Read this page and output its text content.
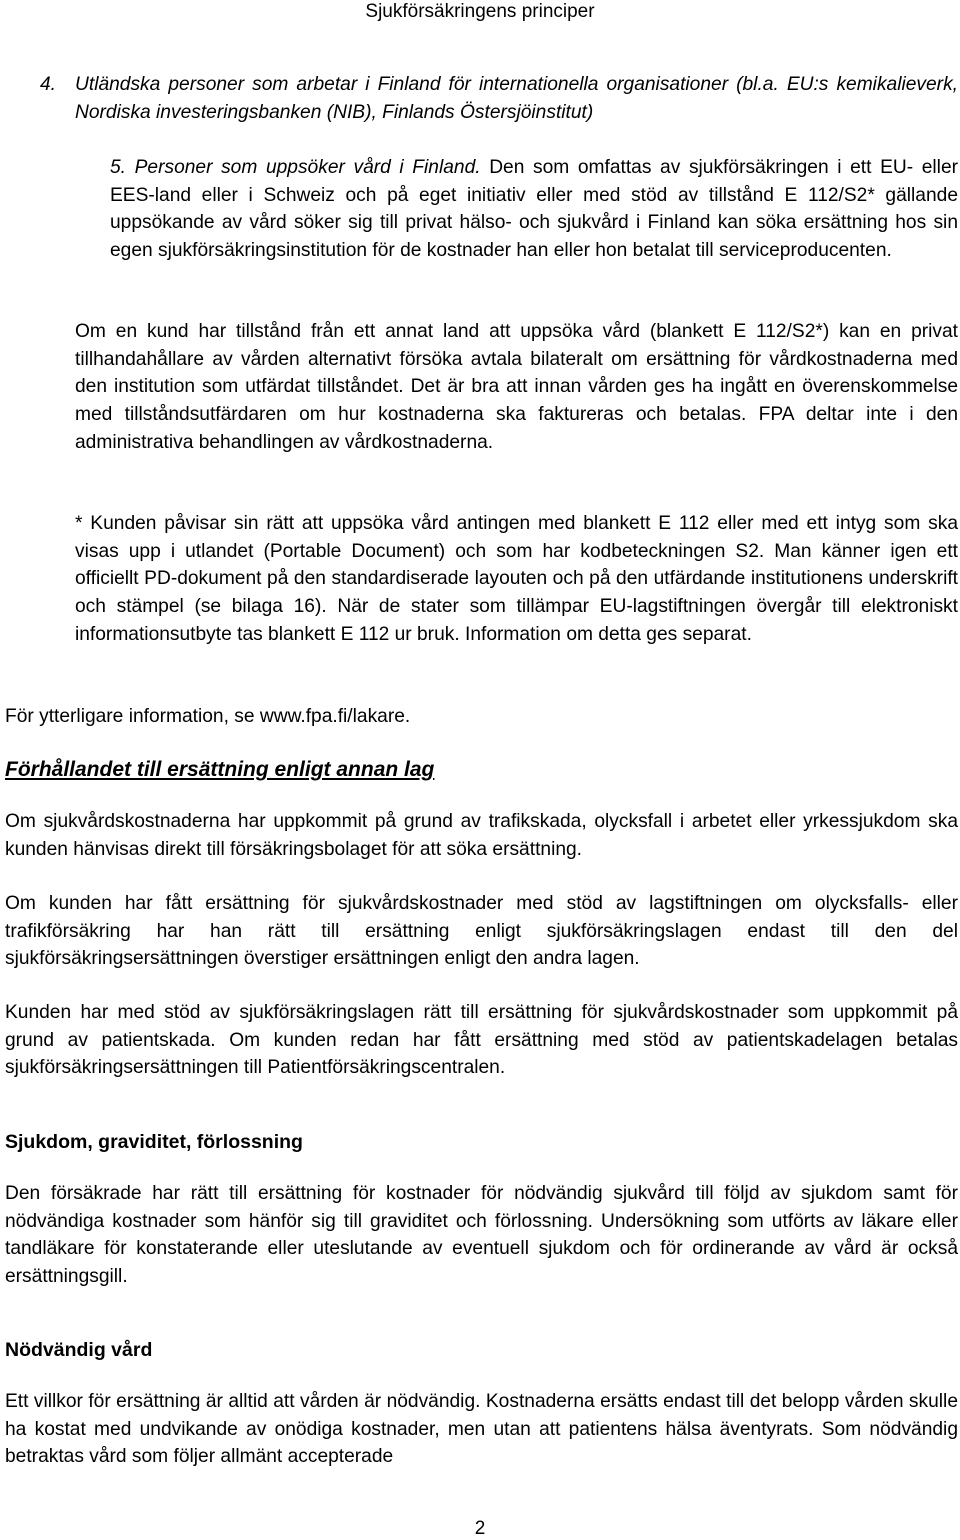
Sjukförsäkringens principer
4. Utländska personer som arbetar i Finland för internationella organisationer (bl.a. EU:s kemikalieverk, Nordiska investeringsbanken (NIB), Finlands Östersjöinstitut)
5. Personer som uppsöker vård i Finland. Den som omfattas av sjukförsäkringen i ett EU- eller EES-land eller i Schweiz och på eget initiativ eller med stöd av tillstånd E 112/S2* gällande uppsökande av vård söker sig till privat hälso- och sjukvård i Finland kan söka ersättning hos sin egen sjukförsäkringsinstitution för de kostnader han eller hon betalat till serviceproducenten.

Om en kund har tillstånd från ett annat land att uppsöka vård (blankett E 112/S2*) kan en privat tillhandahållare av vården alternativt försöka avtala bilateralt om ersättning för vårdkostnaderna med den institution som utfärdat tillståndet. Det är bra att innan vården ges ha ingått en överenskommelse med tillståndsutfärdaren om hur kostnaderna ska faktureras och betalas. FPA deltar inte i den administrativa behandlingen av vårdkostnaderna.

* Kunden påvisar sin rätt att uppsöka vård antingen med blankett E 112 eller med ett intyg som ska visas upp i utlandet (Portable Document) och som har kodbeteckningen S2. Man känner igen ett officiellt PD-dokument på den standardiserade layouten och på den utfärdande institutionens underskrift och stämpel (se bilaga 16). När de stater som tillämpar EU-lagstiftningen övergår till elektroniskt informationsutbyte tas blankett E 112 ur bruk. Information om detta ges separat.

För ytterligare information, se www.fpa.fi/lakare.

Förhållandet till ersättning enligt annan lag

Om sjukvårdskostnaderna har uppkommit på grund av trafikskada, olycksfall i arbetet eller yrkessjukdom ska kunden hänvisas direkt till försäkringsbolaget för att söka ersättning.

Om kunden har fått ersättning för sjukvårdskostnader med stöd av lagstiftningen om olycksfalls- eller trafikförsäkring har han rätt till ersättning enligt sjukförsäkringslagen endast till den del sjukförsäkringsersättningen överstiger ersättningen enligt den andra lagen.

Kunden har med stöd av sjukförsäkringslagen rätt till ersättning för sjukvårdskostnader som uppkommit på grund av patientskada. Om kunden redan har fått ersättning med stöd av patientskadelagen betalas sjukförsäkringsersättningen till Patientförsäkringscentralen.

Sjukdom, graviditet, förlossning

Den försäkrade har rätt till ersättning för kostnader för nödvändig sjukvård till följd av sjukdom samt för nödvändiga kostnader som hänför sig till graviditet och förlossning. Undersökning som utförts av läkare eller tandläkare för konstaterande eller uteslutande av eventuell sjukdom och för ordinerande av vård är också ersättningsgill.

Nödvändig vård

Ett villkor för ersättning är alltid att vården är nödvändig. Kostnaderna ersätts endast till det belopp vården skulle ha kostat med undvikande av onödiga kostnader, men utan att patientens hälsa äventyrats. Som nödvändig betraktas vård som följer allmänt accepterade

2
